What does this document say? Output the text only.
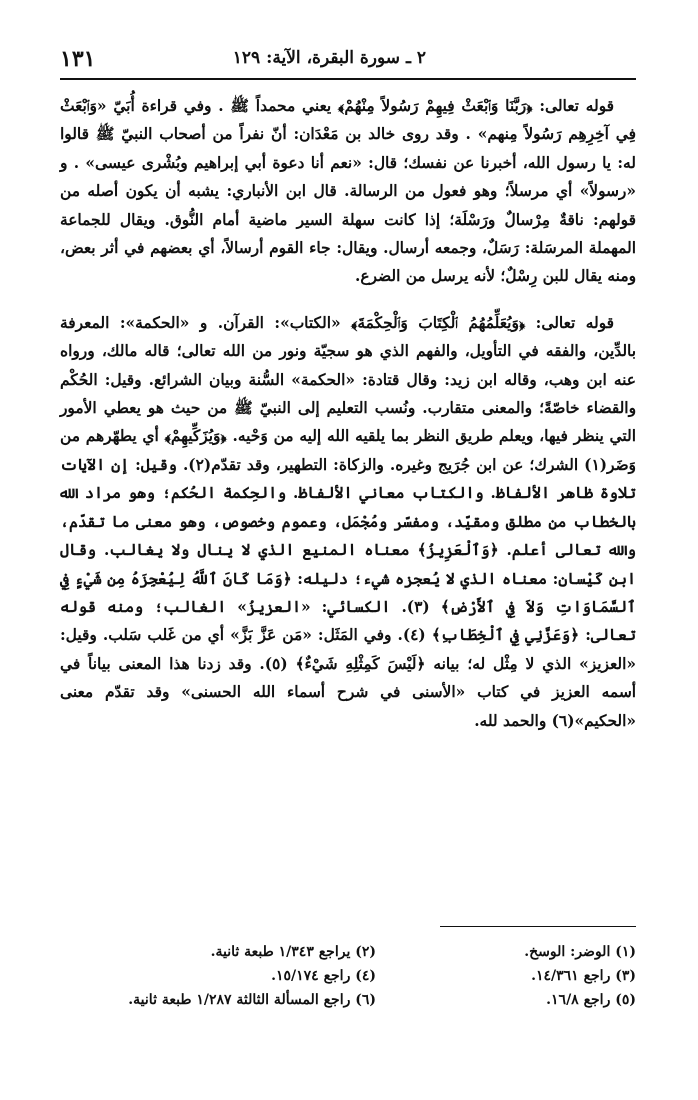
٢ ـ سورة البقرة، الآية: ١٢٩
١٣١

قوله تعالى: ﴿رَبَّنَا وَٱبْعَثْ فِيهِمْ رَسُولاً مِنْهُمْ﴾ يعني محمداً ﷺ . وفي قراءة أُبَيّ «وَٱبْعَثْ فِي آخِرِهِم رَسُولاً مِنهم» . وقد روى خالد بن مَعْدَان: أنّ نفراً من أصحاب النبيّ ﷺ قالوا له: يا رسول الله، أخبرنا عن نفسك؛ قال: «نعم أنا دعوة أبي إبراهيم وبُشْرى عيسى» . و «رسولاً» أي مرسلاً؛ وهو فعول من الرسالة. قال ابن الأنباري: يشبه أن يكون أصله من قولهم: ناقةٌ مِرْسالٌ ورَسْلَة؛ إذا كانت سهلة السير ماضية أمام النُّوق. ويقال للجماعة المهملة المرسَلة: رَسَلٌ، وجمعه أرسال. ويقال: جاء القوم أرسالاً، أي بعضهم في أثر بعض، ومنه يقال للبن رِسْلٌ؛ لأنه يرسل من الضرع.

قوله تعالى: ﴿وَيُعَلِّمُهُمُ ٱلْكِتَابَ وَٱلْحِكْمَةَ﴾ «الكتاب»: القرآن. و «الحكمة»: المعرفة بالدِّين، والفقه في التأويل، والفهم الذي هو سجيّة ونور من الله تعالى؛ قاله مالك، ورواه عنه ابن وهب، وقاله ابن زيد: وقال قتادة: «الحكمة» السُّنة وبيان الشرائع. وقيل: الحُكْم والقضاء خاصّةً؛ والمعنى متقارب. ونُسب التعليم إلى النبيّ ﷺ من حيث هو يعطي الأمور التي ينظر فيها، ويعلم طريق النظر بما يلقيه الله إليه من وَحْيه. ﴿وَيُزَكِّيهِمْ﴾ أي يطهّرهم من وَضَر(١) الشرك؛ عن ابن جُرَيج وغيره. والزكاة: التطهير، وقد تقدّم(٢). وقيل: إن الآيات تلاوة ظاهر الألفاظ. والكتاب معاني الألفاظ. والحِكمة الحُكم؛ وهو مراد الله بالخطاب من مطلق ومقيّد، ومفسّر ومُجْمَل، وعموم وخصوص، وهو معنى ما تقدّم، والله تعالى أعلم. ﴿وَٱلْعَزِيزُ﴾ معناه المنيع الذي لا ينال ولا يغالب. وقال ابن كَيْسان: معناه الذي لا يُعجزه شيء؛ دليله: ﴿وَمَا كَانَ ٱللَّهُ لِيُعْجِزَهُ مِن شَيْءٍ فِي ٱلسَّمَاوَاتِ وَلاَ فِي ٱلأَرْضِ﴾ (٣). الكسائي: «العزيزُ» الغالب؛ ومنه قوله تعالى: ﴿وَعَزَّنِي فِي ٱلْخِطَابِ﴾ (٤). وفي المَثَل: «مَن عَزَّ بَزَّ» أي من غَلب سَلب. وقيل: «العزيز» الذي لا مِثْل له؛ بيانه ﴿لَيْسَ كَمِثْلِهِ شَيْءٌ﴾ (٥). وقد زدنا هذا المعنى بياناً في أسمه العزيز في كتاب «الأسنى في شرح أسماء الله الحسنى» وقد تقدّم معنى «الحكيم»(٦) والحمد لله.

(١) الوضر: الوسخ.
(٢) يراجع ١/٣٤٣ طبعة ثانية.
(٣) راجع ١٤/٣٦١.
(٤) راجع ١٥/١٧٤.
(٥) راجع ١٦/٨.
(٦) راجع المسألة الثالثة ١/٢٨٧ طبعة ثانية.
